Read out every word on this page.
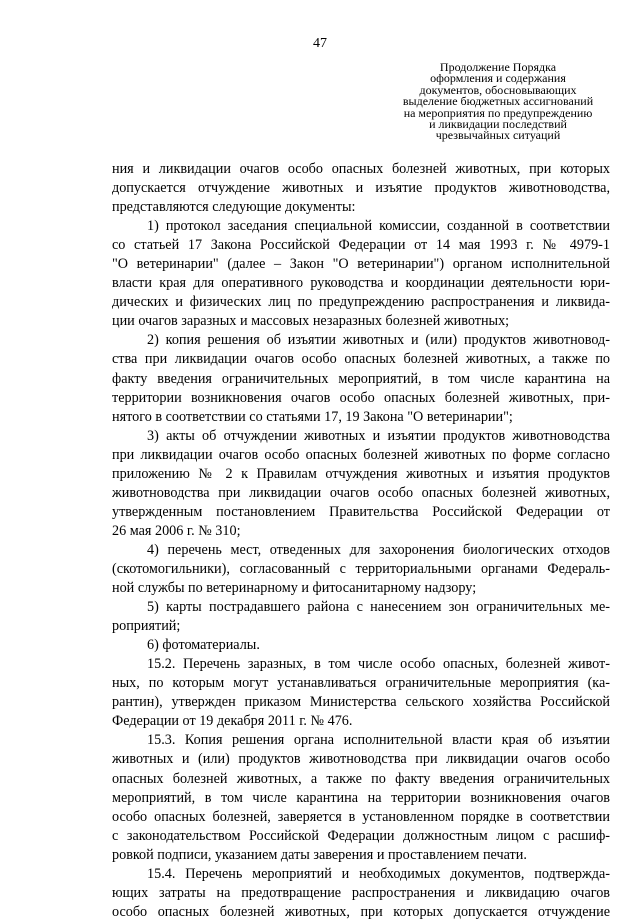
47
Продолжение Порядка
оформления и содержания
документов, обосновывающих
выделение бюджетных ассигнований
на мероприятия по предупреждению
и ликвидации последствий
чрезвычайных ситуаций
ния и ликвидации очагов особо опасных болезней животных, при которых
допускается отчуждение животных и изъятие продуктов животноводства,
представляются следующие документы:
1) протокол заседания специальной комиссии, созданной в соответствии
со статьей 17 Закона Российской Федерации от 14 мая 1993 г. № 4979-1
"О ветеринарии" (далее – Закон "О ветеринарии") органом исполнительной
власти края для оперативного руководства и координации деятельности юри-
дических и физических лиц по предупреждению распространения и ликвида-
ции очагов заразных и массовых незаразных болезней животных;
2) копия решения об изъятии животных и (или) продуктов животновод-
ства при ликвидации очагов особо опасных болезней животных, а также по
факту введения ограничительных мероприятий, в том числе карантина на
территории возникновения очагов особо опасных болезней животных, при-
нятого в соответствии со статьями 17, 19 Закона "О ветеринарии";
3) акты об отчуждении животных и изъятии продуктов животноводства
при ликвидации очагов особо опасных болезней животных по форме согласно
приложению № 2 к Правилам отчуждения животных и изъятия продуктов
животноводства при ликвидации очагов особо опасных болезней животных,
утвержденным постановлением Правительства Российской Федерации от
26 мая 2006 г. № 310;
4) перечень мест, отведенных для захоронения биологических отходов
(скотомогильники), согласованный с территориальными органами Федераль-
ной службы по ветеринарному и фитосанитарному надзору;
5) карты пострадавшего района с нанесением зон ограничительных ме-
роприятий;
6) фотоматериалы.
15.2. Перечень заразных, в том числе особо опасных, болезней живот-
ных, по которым могут устанавливаться ограничительные мероприятия (ка-
рантин), утвержден приказом Министерства сельского хозяйства Российской
Федерации от 19 декабря 2011 г. № 476.
15.3. Копия решения органа исполнительной власти края об изъятии
животных и (или) продуктов животноводства при ликвидации очагов особо
опасных болезней животных, а также по факту введения ограничительных
мероприятий, в том числе карантина на территории возникновения очагов
особо опасных болезней, заверяется в установленном порядке в соответствии
с законодательством Российской Федерации должностным лицом с расшиф-
ровкой подписи, указанием даты заверения и проставлением печати.
15.4. Перечень мероприятий и необходимых документов, подтвержда-
ющих затраты на предотвращение распространения и ликвидацию очагов
особо опасных болезней животных, при которых допускается отчуждение
